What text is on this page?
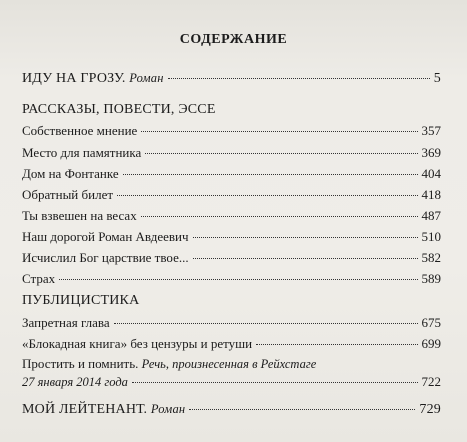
СОДЕРЖАНИЕ
ИДУ НА ГРОЗУ. Роман	5
РАССКАЗЫ, ПОВЕСТИ, ЭССЕ
Собственное мнение	357
Место для памятника	369
Дом на Фонтанке	404
Обратный билет	418
Ты взвешен на весах	487
Наш дорогой Роман Авдеевич	510
Исчислил Бог царствие твое...	582
Страх	589
ПУБЛИЦИСТИКА
Запретная глава	675
«Блокадная книга» без цензуры и ретуши	699
Простить и помнить. Речь, произнесенная в Рейхстаге
27 января 2014 года	722
МОЙ ЛЕЙТЕНАНТ. Роман	729
